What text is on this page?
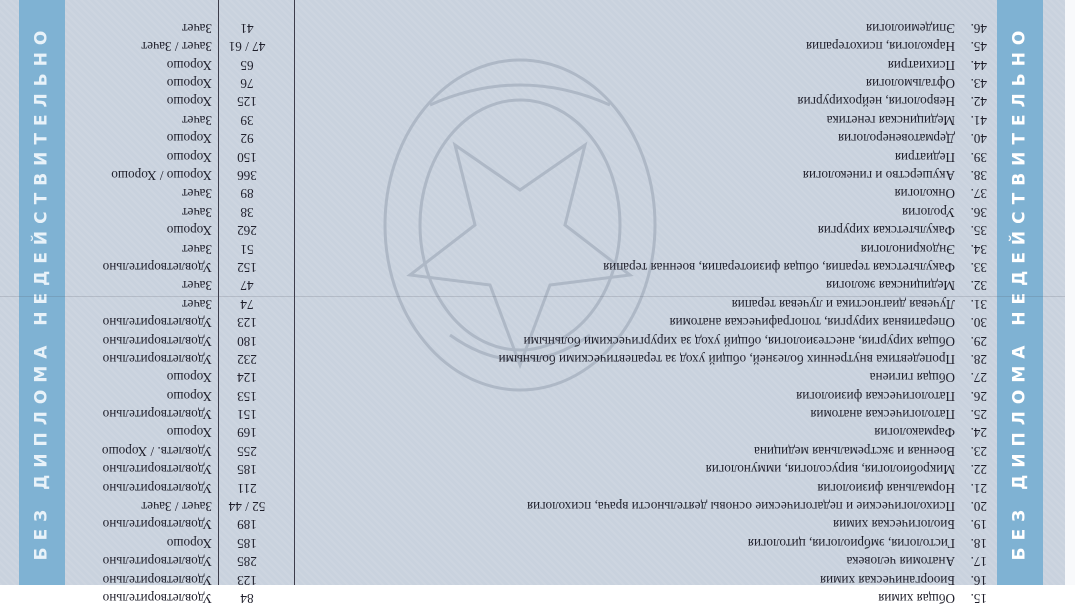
БЕЗ ДИПЛОМА НЕДЕЙСТВИТЕЛЬНО
БЕЗ ДИПЛОМА НЕДЕЙСТВИТЕЛЬНО
15.
Общая химия
84
Удовлетворительно
16.
Биоорганическая химия
123
Удовлетворительно
17.
Анатомия человека
285
Удовлетворительно
18.
Гистология, эмбриология, цитология
185
Хорошо
19.
Биологическая химия
189
Удовлетворительно
20.
Психологические и педагогические основы деятельности врача, психология
52 / 44
Зачет / Зачет
21.
Нормальная физиология
211
Удовлетворительно
22.
Микробиология, вирусология, иммунология
185
Удовлетворительно
23.
Военная и экстремальная медицина
255
Удовлетв. / Хорошо
24.
Фармакология
169
Хорошо
25.
Патологическая анатомия
151
Удовлетворительно
26.
Патологическая физиология
153
Хорошо
27.
Общая гигиена
124
Хорошо
28.
Пропедевтика внутренних болезней, общий уход за терапевтическими больными
232
Удовлетворительно
29.
Общая хирургия, анестезиология, общий уход за хирургическими больными
180
Удовлетворительно
30.
Оперативная хирургия, топографическая анатомия
123
Удовлетворительно
31.
Лучевая диагностика и лучевая терапия
74
Зачет
32.
Медицинская экология
47
Зачет
33.
Факультетская терапия, общая физиотерапия, военная терапия
152
Удовлетворительно
34.
Эндокринология
51
Зачет
35.
Факультетская хирургия
262
Хорошо
36.
Урология
38
Зачет
37.
Онкология
89
Зачет
38.
Акушерство и гинекология
366
Хорошо / Хорошо
39.
Педиатрия
150
Хорошо
40.
Дерматовенерология
92
Хорошо
41.
Медицинская генетика
39
Зачет
42.
Неврология, нейрохирургия
125
Хорошо
43.
Офтальмология
76
Хорошо
44.
Психиатрия
65
Хорошо
45.
Наркология, психотерапия
47 / 61
Зачет / Зачет
46.
Эпидемиология
41
Зачет
